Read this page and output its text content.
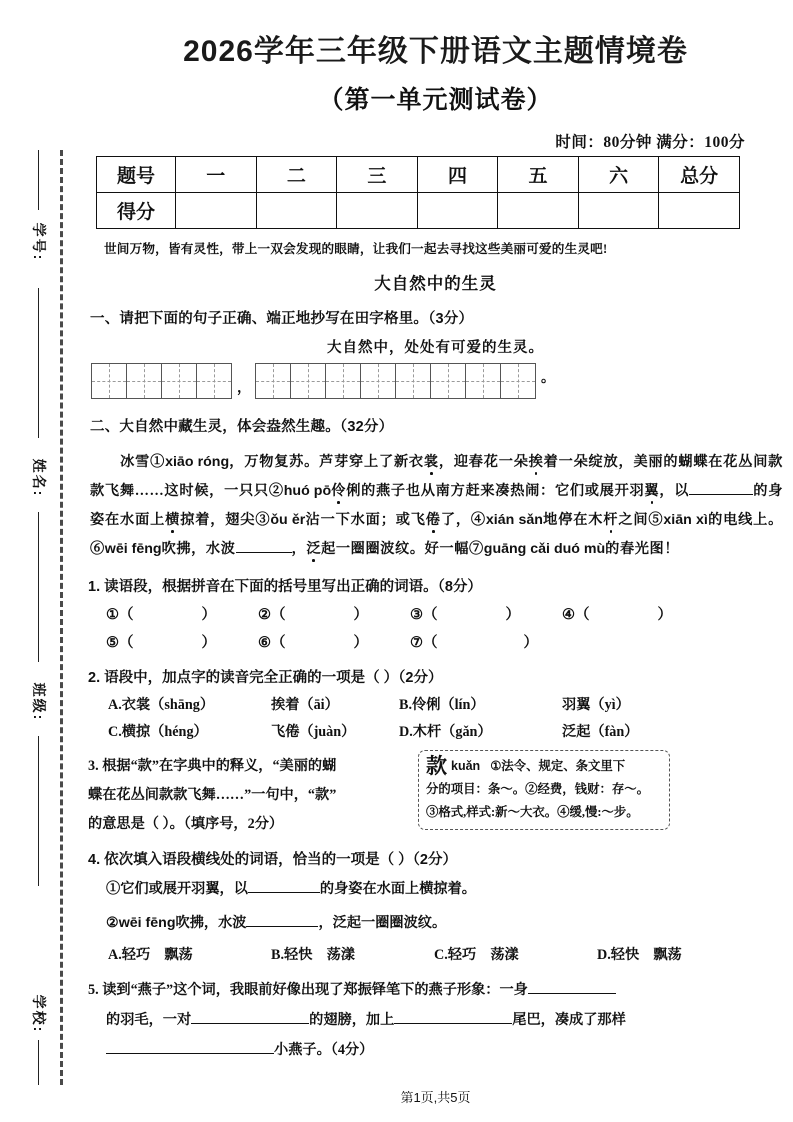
学号:
姓名:
班级:
学校:
2026学年三年级下册语文主题情境卷
（第一单元测试卷）
时间：80分钟 满分：100分
题号	一	二	三	四	五	六	总分
得分							
世间万物，皆有灵性，带上一双会发现的眼睛，让我们一起去寻找这些美丽可爱的生灵吧!
大自然中的生灵
一、请把下面的句子正确、端正地抄写在田字格里。（3分）
大自然中，处处有可爱的生灵。
，
。
二、大自然中藏生灵，体会盎然生趣。（32分）
冰雪①xiāo róng，万物复苏。芦芽穿上了新衣裳，迎春花一朵挨着一朵绽放，美丽的蝴蝶在花丛间款款飞舞……这时候，一只只②huó pō伶俐的燕子也从南方赶来凑热闹：它们或展开羽翼，以	的身姿在水面上横掠着，翅尖③ǒu ěr沾一下水面；或飞倦了，④xián sǎn地停在木杆之间⑤xiān xì的电线上。⑥wēi fēng吹拂，水波	，泛起一圈圈波纹。好一幅⑦guāng cǎi duó mù的春光图！
1. 读语段，根据拼音在下面的括号里写出正确的词语。（8分）
①（	）	②（	）	③（	）	④（	）
⑤（	）	⑥（	）	⑦（	）
2. 语段中，加点字的读音完全正确的一项是（ ）（2分）
A.衣裳（shāng）	挨着（āi）	B.伶俐（lín）	羽翼（yì）
C.横掠（héng）	飞倦（juàn）	D.木杆（gǎn）	泛起（fàn）
3. 根据“款”在字典中的释义，“美丽的蝴
蝶在花丛间款款飞舞……”一句中，“款”
的意思是（ ）。（填序号，2分）
款kuǎn ①法令、规定、条文里下
分的项目：条～。②经费，钱财：存～。
③格式,样式:新～大衣。④缓,慢:～步。
4. 依次填入语段横线处的词语，恰当的一项是（ ）（2分）
①它们或展开羽翼，以	的身姿在水面上横掠着。
②wēi fēng吹拂，水波	，泛起一圈圈波纹。
A.轻巧　飘荡	B.轻快　荡漾	C.轻巧　荡漾	D.轻快　飘荡
5. 读到“燕子”这个词，我眼前好像出现了郑振铎笔下的燕子形象：一身
的羽毛，一对	的翅膀，加上	尾巴，凑成了那样
小燕子。（4分）
第1页,共5页
